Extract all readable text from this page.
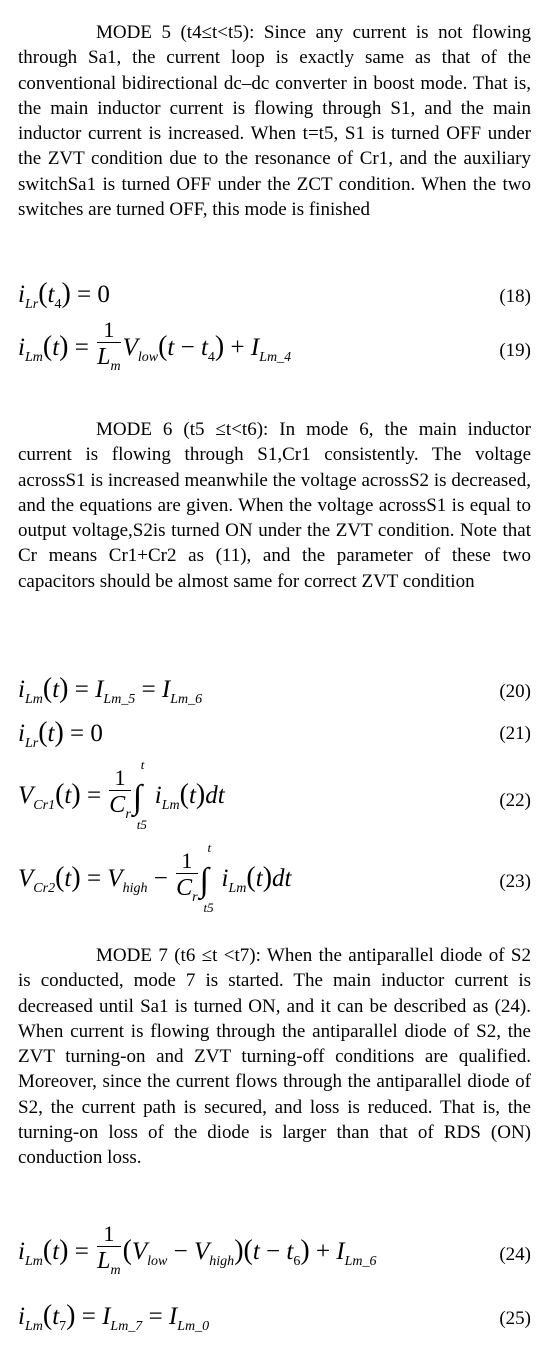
MODE 5 (t4≤t<t5): Since any current is not flowing through Sa1, the current loop is exactly same as that of the conventional bidirectional dc–dc converter in boost mode. That is, the main inductor current is flowing through S1, and the main inductor current is increased. When t=t5, S1 is turned OFF under the ZVT condition due to the resonance of Cr1, and the auxiliary switchSa1 is turned OFF under the ZCT condition. When the two switches are turned OFF, this mode is finished

$i_{Lr}(t_4) = 0$	(18)
$i_{Lm}(t) = \frac{1}{L_m} V_{low}(t - t_4) + I_{Lm\_4}$	(19)

MODE 6 (t5 ≤t<t6): In mode 6, the main inductor current is flowing through S1,Cr1 consistently. The voltage acrossS1 is increased meanwhile the voltage acrossS2 is decreased, and the equations are given. When the voltage acrossS1 is equal to output voltage,S2is turned ON under the ZVT condition. Note that Cr means Cr1+Cr2 as (11), and the parameter of these two capacitors should be almost same for correct ZVT condition

$i_{Lm}(t) = I_{Lm\_5} = I_{Lm\_6}$	(20)
$i_{Lr}(t) = 0$	(21)
$V_{Cr1}(t) = \frac{1}{C_r}$ ∫
t
t5
$i_{Lm}(t)dt$	(22)
$V_{Cr2}(t) = V_{high} - \frac{1}{C_r}$ ∫
t
t5
$i_{Lm}(t)dt$	(23)

MODE 7 (t6 ≤t <t7): When the antiparallel diode of S2 is conducted, mode 7 is started. The main inductor current is decreased until Sa1 is turned ON, and it can be described as (24). When current is flowing through the antiparallel diode of S2, the ZVT turning-on and ZVT turning-off conditions are qualified. Moreover, since the current flows through the antiparallel diode of S2, the current path is secured, and loss is reduced. That is, the turning-on loss of the diode is larger than that of RDS (ON) conduction loss.

$i_{Lm}(t) = \frac{1}{L_m} (V_{low} - V_{high})(t - t_6) + I_{Lm\_6}$	(24)
$i_{Lm}(t_7) = I_{Lm\_7} = I_{Lm\_0}$	(25)
